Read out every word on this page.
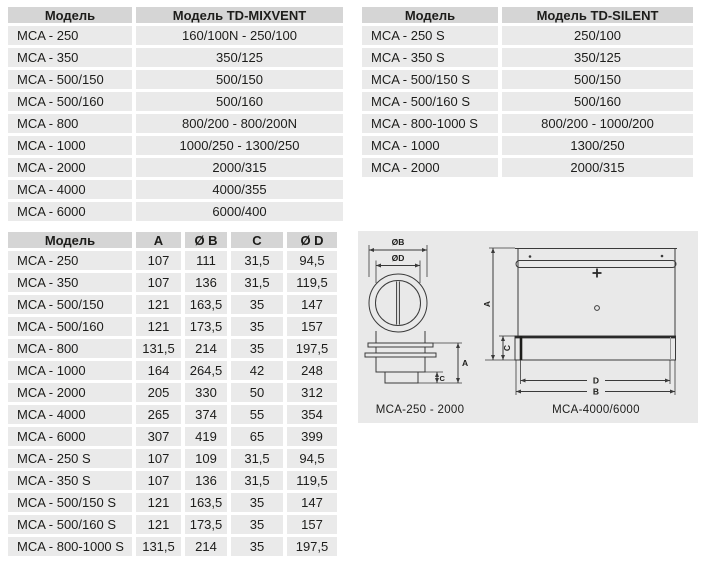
Модель	Модель TD-MIXVENT
MCA - 250	160/100N - 250/100
MCA - 350	350/125
MCA - 500/150	500/150
MCA - 500/160	500/160
MCA - 800	800/200 - 800/200N
MCA - 1000	1000/250 - 1300/250
MCA - 2000	2000/315
MCA - 4000	4000/355
MCA - 6000	6000/400
Модель	Модель TD-SILENT
MCA - 250 S	250/100
MCA - 350 S	350/125
MCA - 500/150 S	500/150
MCA - 500/160 S	500/160
MCA - 800-1000 S	800/200 - 1000/200
MCA - 1000	1300/250
MCA - 2000	2000/315
Модель	A	Ø B	C	Ø D
MCA - 250	107	111	31,5	94,5
MCA - 350	107	136	31,5	119,5
MCA - 500/150	121	163,5	35	147
MCA - 500/160	121	173,5	35	157
MCA - 800	131,5	214	35	197,5
MCA - 1000	164	264,5	42	248
MCA - 2000	205	330	50	312
MCA - 4000	265	374	55	354
MCA - 6000	307	419	65	399
MCA - 250 S	107	109	31,5	94,5
MCA - 350 S	107	136	31,5	119,5
MCA - 500/150 S	121	163,5	35	147
MCA - 500/160 S	121	173,5	35	157
MCA - 800-1000 S	131,5	214	35	197,5
ØB
ØD
A
C
MCA-250 - 2000
A
C
D
B
MCA-4000/6000
